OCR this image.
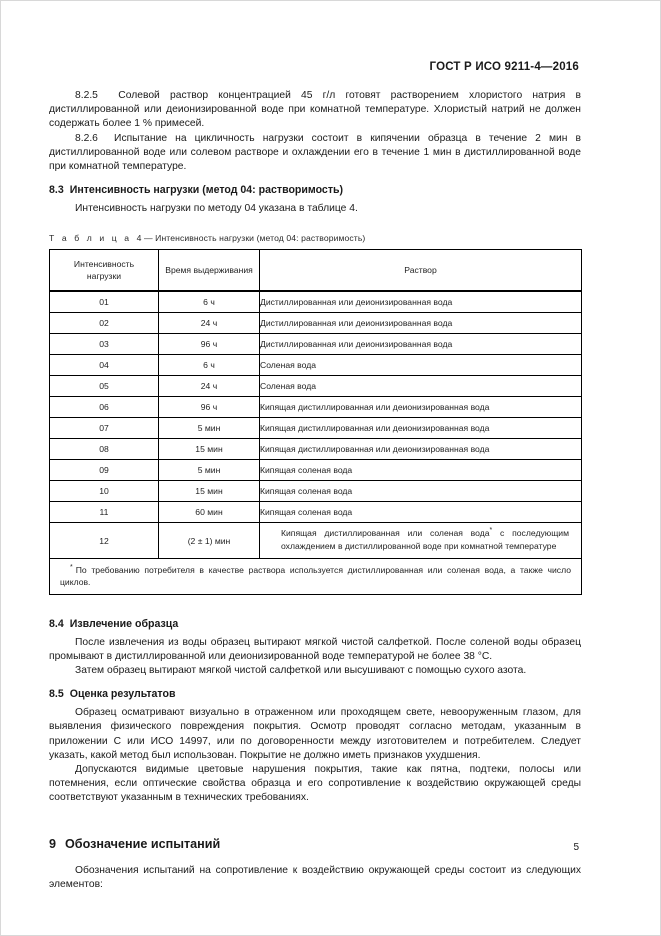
ГОСТ Р ИСО 9211-4—2016

8.2.5 Солевой раствор концентрацией 45 г/л готовят растворением хлористого натрия в дистиллированной или деионизированной воде при комнатной температуре. Хлористый натрий не должен содержать более 1 % примесей.

8.2.6 Испытание на цикличность нагрузки состоит в кипячении образца в течение 2 мин в дистиллированной воде или солевом растворе и охлаждении его в течение 1 мин в дистиллированной воде при комнатной температуре.

8.3 Интенсивность нагрузки (метод 04: растворимость)

Интенсивность нагрузки по методу 04 указана в таблице 4.

Т а б л и ц а 4 — Интенсивность нагрузки (метод 04: растворимость)
Интенсивность
нагрузки	Время выдерживания	Раствор
01	6 ч	Дистиллированная или деионизированная вода
02	24 ч	Дистиллированная или деионизированная вода
03	96 ч	Дистиллированная или деионизированная вода
04	6 ч	Соленая вода
05	24 ч	Соленая вода
06	96 ч	Кипящая дистиллированная или деионизированная вода
07	5 мин	Кипящая дистиллированная или деионизированная вода
08	15 мин	Кипящая дистиллированная или деионизированная вода
09	5 мин	Кипящая соленая вода
10	15 мин	Кипящая соленая вода
11	60 мин	Кипящая соленая вода
12	(2 ± 1) мин	Кипящая дистиллированная или соленая вода* с последующим охлаждением в дистиллированной воде при комнатной температуре
* По требованию потребителя в качестве раствора используется дистиллированная или соленая вода, а также число циклов.		
8.4 Извлечение образца

После извлечения из воды образец вытирают мягкой чистой салфеткой. После соленой воды образец промывают в дистиллированной или деионизированной воде температурой не более 38 °С.

Затем образец вытирают мягкой чистой салфеткой или высушивают с помощью сухого азота.

8.5 Оценка результатов

Образец осматривают визуально в отраженном или проходящем свете, невооруженным глазом, для выявления физического повреждения покрытия. Осмотр проводят согласно методам, указанным в приложении С или ИСО 14997, или по договоренности между изготовителем и потребителем. Следует указать, какой метод был использован. Покрытие не должно иметь признаков ухудшения.

Допускаются видимые цветовые нарушения покрытия, такие как пятна, подтеки, полосы или потемнения, если оптические свойства образца и его сопротивление к воздействию окружающей среды соответствуют указанным в технических требованиях.

9 Обозначение испытаний

Обозначения испытаний на сопротивление к воздействию окружающей среды состоит из следующих элементов:

5
